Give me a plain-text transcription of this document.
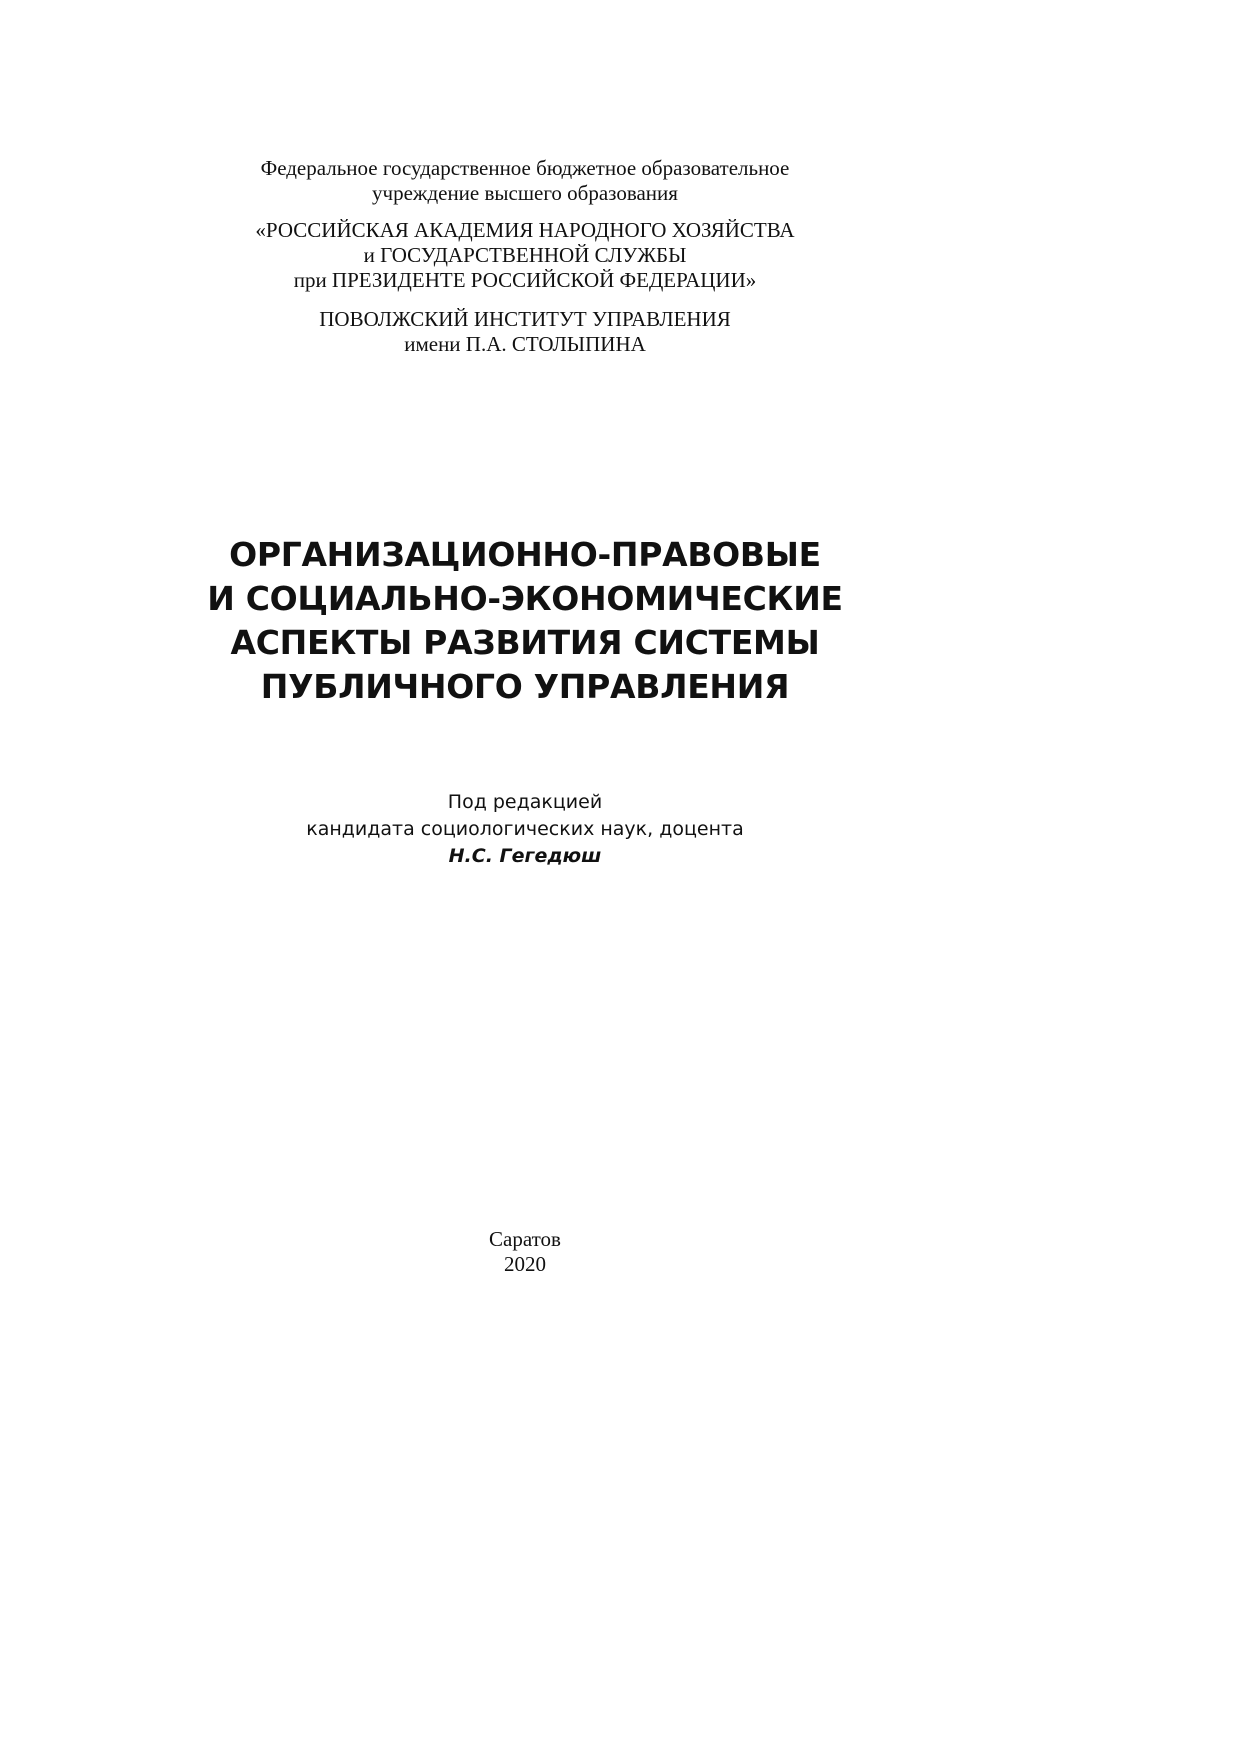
Федеральное государственное бюджетное образовательное
учреждение высшего образования
«РОССИЙСКАЯ АКАДЕМИЯ НАРОДНОГО ХОЗЯЙСТВА
и ГОСУДАРСТВЕННОЙ СЛУЖБЫ
при ПРЕЗИДЕНТЕ РОССИЙСКОЙ ФЕДЕРАЦИИ»
ПОВОЛЖСКИЙ ИНСТИТУТ УПРАВЛЕНИЯ
имени П.А. СТОЛЫПИНА
ОРГАНИЗАЦИОННО-ПРАВОВЫЕ
И СОЦИАЛЬНО-ЭКОНОМИЧЕСКИЕ
АСПЕКТЫ РАЗВИТИЯ СИСТЕМЫ
ПУБЛИЧНОГО УПРАВЛЕНИЯ
Под редакцией
кандидата социологических наук, доцента
Н.С. Гегедюш
Саратов
2020
